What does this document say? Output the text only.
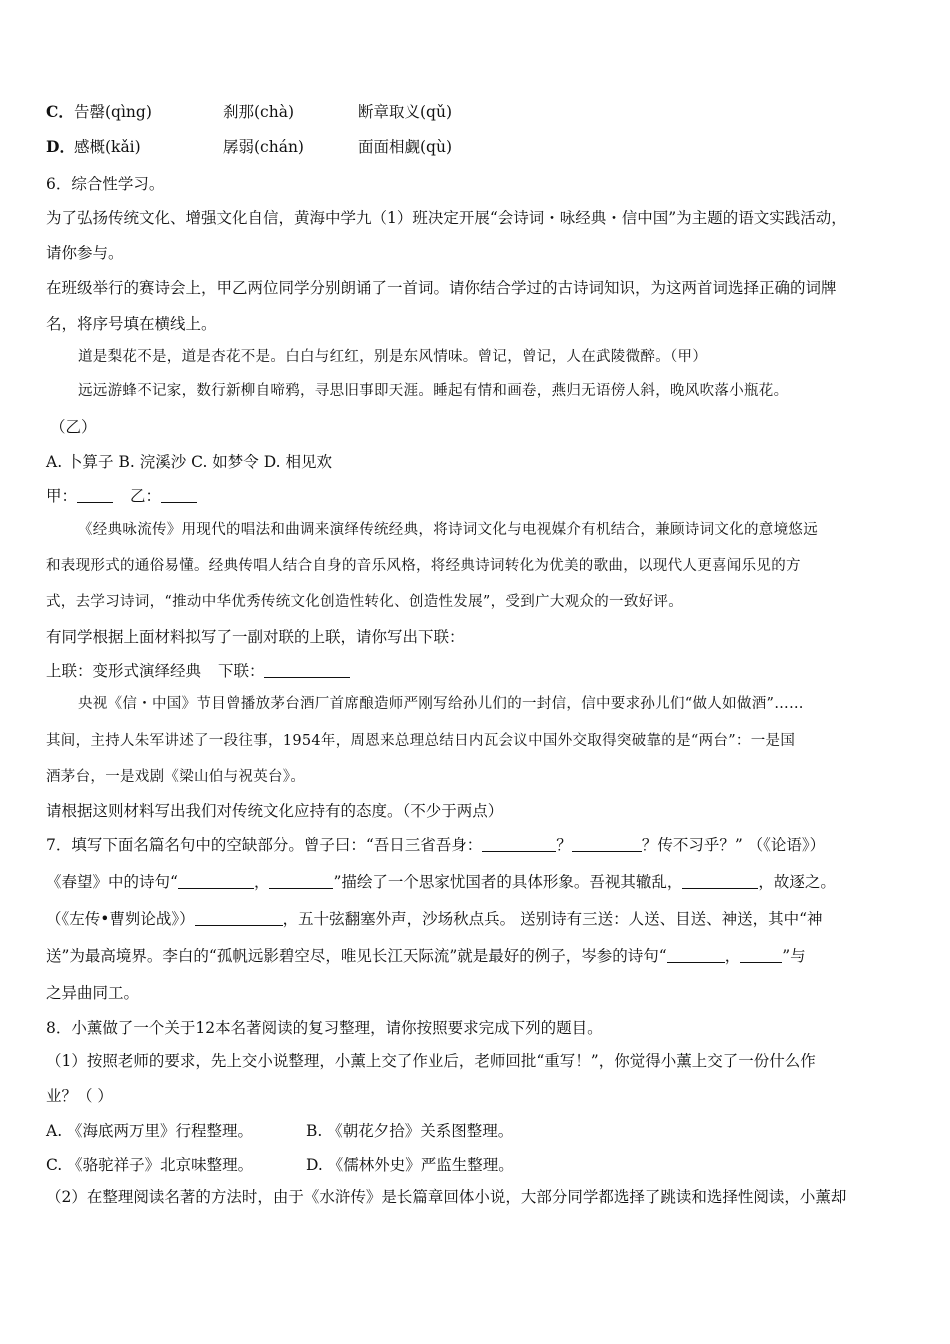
C． 告罄(qìng)	刹那(chà)	断章取义(qǔ)
D． 感概(kǎi)	孱弱(chán)	面面相觑(qù)
6．综合性学习。
为了弘扬传统文化、增强文化自信，黄海中学九（1）班决定开展“会诗词・咏经典・信中国”为主题的语文实践活动，
请你参与。
在班级举行的赛诗会上，甲乙两位同学分别朗诵了一首词。请你结合学过的古诗词知识，为这两首词选择正确的词牌
名，将序号填在横线上。
道是梨花不是，道是杏花不是。白白与红红，别是东风情味。曾记，曾记，人在武陵微醉。（甲）
远远游蜂不记家，数行新柳自啼鸦，寻思旧事即天涯。睡起有情和画卷，燕归无语傍人斜，晚风吹落小瓶花。
（乙）
A. 卜算子 B. 浣溪沙 C. 如梦令 D. 相见欢
甲：	乙：
《经典咏流传》用现代的唱法和曲调来演绎传统经典，将诗词文化与电视媒介有机结合，兼顾诗词文化的意境悠远
和表现形式的通俗易懂。经典传唱人结合自身的音乐风格，将经典诗词转化为优美的歌曲，以现代人更喜闻乐见的方
式，去学习诗词，“推动中华优秀传统文化创造性转化、创造性发展”，受到广大观众的一致好评。
有同学根据上面材料拟写了一副对联的上联，请你写出下联：
上联：变形式演绎经典 下联：
央视《信・中国》节目曾播放茅台酒厂首席酿造师严刚写给孙儿们的一封信，信中要求孙儿们“做人如做酒”……
其间，主持人朱军讲述了一段往事，1954年，周恩来总理总结日内瓦会议中国外交取得突破靠的是“两台”：一是国
酒茅台，一是戏剧《梁山伯与祝英台》。
请根据这则材料写出我们对传统文化应持有的态度。（不少于两点）
7．填写下面名篇名句中的空缺部分。曾子曰：“吾日三省吾身：	？	？传不习乎？” （《论语》）
《春望》中的诗句“	，	”描绘了一个思家忧国者的具体形象。吾视其辙乱，	，故逐之。
（《左传•曹刿论战》）	，五十弦翻塞外声，沙场秋点兵。 送别诗有三送：人送、目送、神送，其中“神
送”为最高境界。李白的“孤帆远影碧空尽，唯见长江天际流”就是最好的例子，岑参的诗句“	，	”与
之异曲同工。
8．小薰做了一个关于12本名著阅读的复习整理，请你按照要求完成下列的题目。
（1）按照老师的要求，先上交小说整理，小薰上交了作业后，老师回批“重写！”，你觉得小薰上交了一份什么作
业？（ ）
A. 《海底两万里》行程整理。	B. 《朝花夕拾》关系图整理。
C. 《骆驼祥子》北京味整理。	D. 《儒林外史》严监生整理。
（2）在整理阅读名著的方法时，由于《水浒传》是长篇章回体小说，大部分同学都选择了跳读和选择性阅读，小薰却
